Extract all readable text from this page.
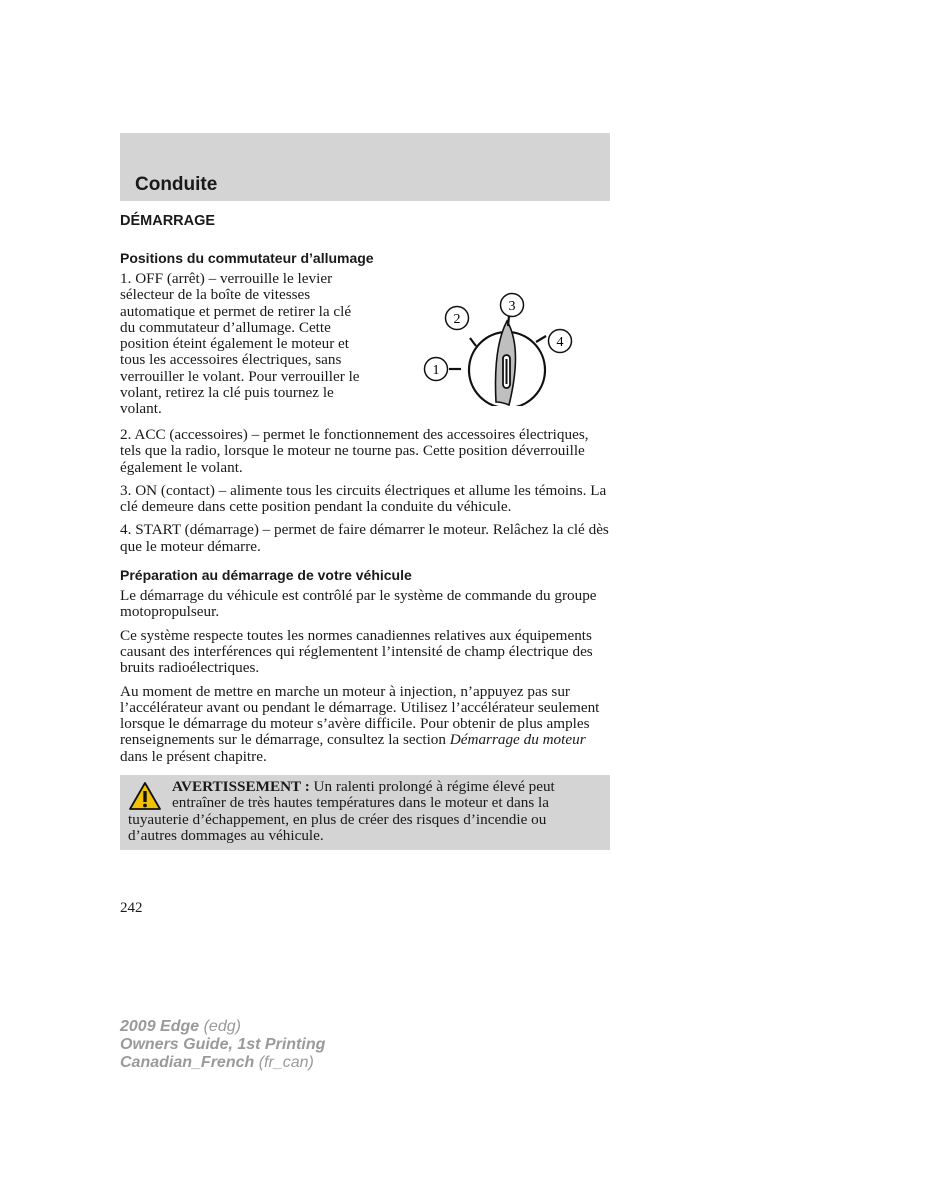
Conduite
DÉMARRAGE
Positions du commutateur d’allumage

1. OFF (arrêt) – verrouille le levier sélecteur de la boîte de vitesses automatique et permet de retirer la clé du commutateur d’allumage. Cette position éteint également le moteur et tous les accessoires électriques, sans verrouiller le volant. Pour verrouiller le volant, retirez la clé puis tournez le volant.

1
2
3
4

2. ACC (accessoires) – permet le fonctionnement des accessoires électriques, tels que la radio, lorsque le moteur ne tourne pas. Cette position déverrouille également le volant.

3. ON (contact) – alimente tous les circuits électriques et allume les témoins. La clé demeure dans cette position pendant la conduite du véhicule.

4. START (démarrage) – permet de faire démarrer le moteur. Relâchez la clé dès que le moteur démarre.

Préparation au démarrage de votre véhicule

Le démarrage du véhicule est contrôlé par le système de commande du groupe motopropulseur.

Ce système respecte toutes les normes canadiennes relatives aux équipements causant des interférences qui réglementent l’intensité de champ électrique des bruits radioélectriques.

Au moment de mettre en marche un moteur à injection, n’appuyez pas sur l’accélérateur avant ou pendant le démarrage. Utilisez l’accélérateur seulement lorsque le démarrage du moteur s’avère difficile. Pour obtenir de plus amples renseignements sur le démarrage, consultez la section Démarrage du moteur dans le présent chapitre.

AVERTISSEMENT : Un ralenti prolongé à régime élevé peut entraîner de très hautes températures dans le moteur et dans la tuyauterie d’échappement, en plus de créer des risques d’incendie ou d’autres dommages au véhicule.

242

2009 Edge (edg)
Owners Guide, 1st Printing
Canadian_French (fr_can)
